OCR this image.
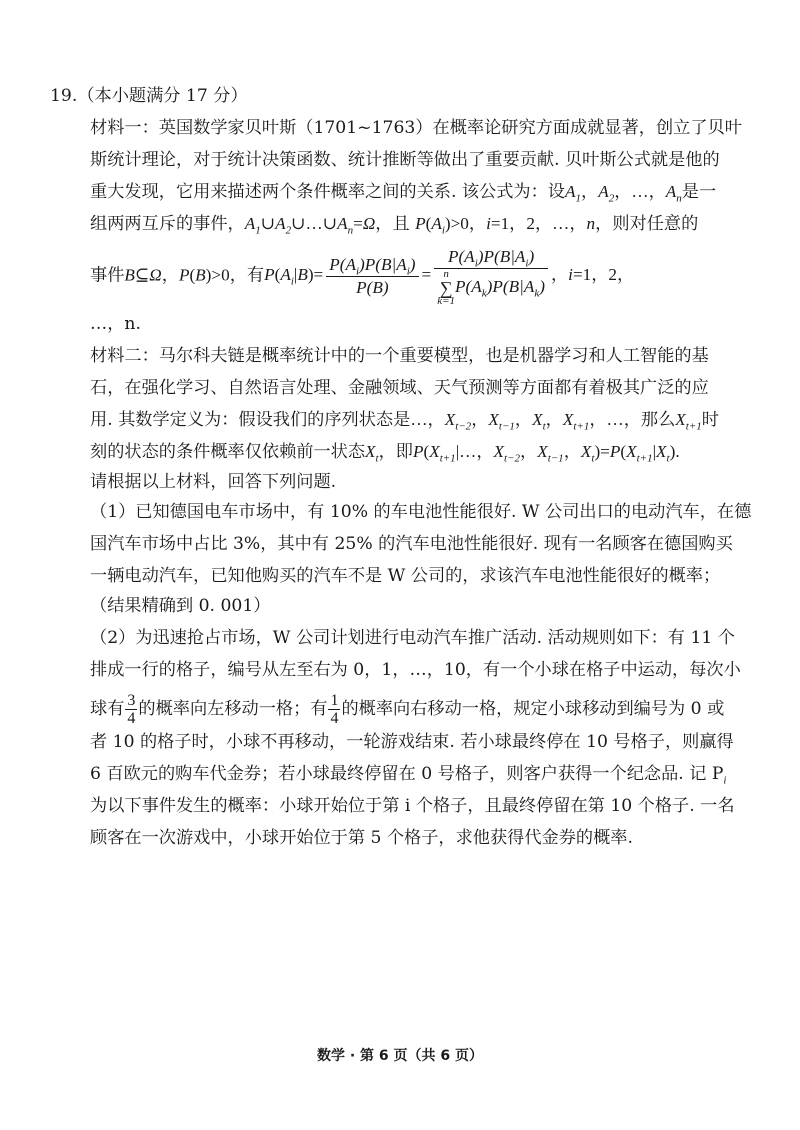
19.（本小题满分 17 分）
材料一：英国数学家贝叶斯（1701~1763）在概率论研究方面成就显著，创立了贝叶
斯统计理论，对于统计决策函数、统计推断等做出了重要贡献. 贝叶斯公式就是他的
重大发现，它用来描述两个条件概率之间的关系. 该公式为：设$A_1$，$A_2$，…，$A_n$是一
组两两互斥的事件，$A_1\cup A_2\cup\dots\cup A_n=\Omega$，且 $P(A_i)>0$，i=1，2，…，n，则对任意的
事件B⊆Ω，P(B)>0，有$P(A_i|B)= \frac{P(A_i)P(B|A_i)}{P(B)} = P(A_i)P(B|A_i)$
n
∑
$k=1P(A_k)P(B|A_k)$ ，i=1，2，
…，n.
材料二：马尔科夫链是概率统计中的一个重要模型，也是机器学习和人工智能的基
石，在强化学习、自然语言处理、金融领域、天气预测等方面都有着极其广泛的应
用. 其数学定义为：假设我们的序列状态是…，$X_{t-2}$，$X_{t-1}$，$X_t$，$X_{t+1}$，…，那么$X_{t+1}$时
刻的状态的条件概率仅依赖前一状态$X_t$，即$P(X_{t+1}|\dots$，$X_{t-2}$，$X_{t-1}$，$X_t)=P(X_{t+1}|X_t)$.
请根据以上材料，回答下列问题.
（1）已知德国电车市场中，有 10% 的车电池性能很好. W 公司出口的电动汽车，在德
国汽车市场中占比 3%，其中有 25% 的汽车电池性能很好. 现有一名顾客在德国购买
一辆电动汽车，已知他购买的汽车不是 W 公司的，求该汽车电池性能很好的概率；
（结果精确到 0. 001）
（2）为迅速抢占市场，W 公司计划进行电动汽车推广活动. 活动规则如下：有 11 个
排成一行的格子，编号从左至右为 0，1，…，10，有一个小球在格子中运动，每次小
球有 $\frac{3}{4}$ 的概率向左移动一格；有 $\frac{1}{4}$ 的概率向右移动一格，规定小球移动到编号为 0 或
者 10 的格子时，小球不再移动，一轮游戏结束. 若小球最终停在 10 号格子，则赢得
6 百欧元的购车代金券；若小球最终停留在 0 号格子，则客户获得一个纪念品. 记 $P_i$
为以下事件发生的概率：小球开始位于第 i 个格子，且最终停留在第 10 个格子. 一名
顾客在一次游戏中，小球开始位于第 5 个格子，求他获得代金券的概率.
数学 · 第 6 页（共 6 页）
